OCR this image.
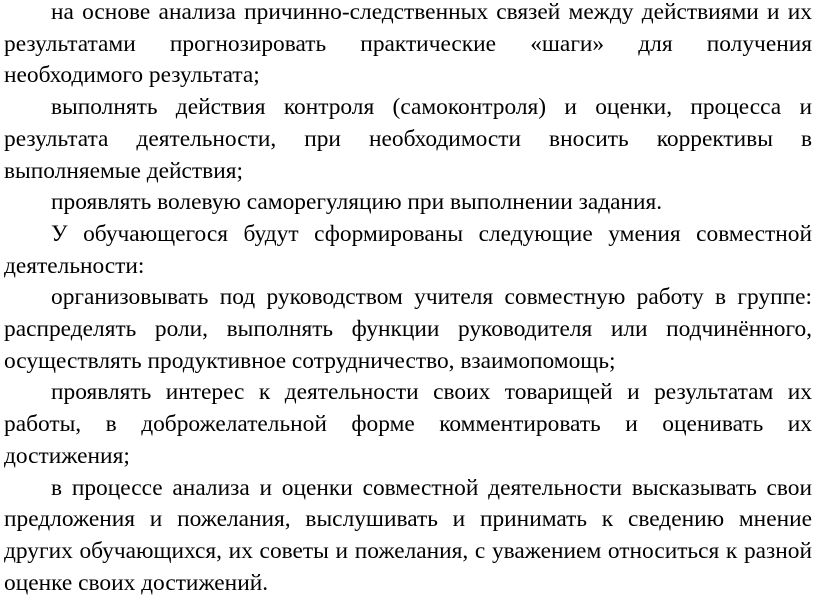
на основе анализа причинно-следственных связей между действиями и их результатами прогнозировать практические «шаги» для получения необходимого результата;

выполнять действия контроля (самоконтроля) и оценки, процесса и результата деятельности, при необходимости вносить коррективы в выполняемые действия;

проявлять волевую саморегуляцию при выполнении задания.

У обучающегося будут сформированы следующие умения совместной деятельности:

организовывать под руководством учителя совместную работу в группе: распределять роли, выполнять функции руководителя или подчинённого, осуществлять продуктивное сотрудничество, взаимопомощь;

проявлять интерес к деятельности своих товарищей и результатам их работы, в доброжелательной форме комментировать и оценивать их достижения;

в процессе анализа и оценки совместной деятельности высказывать свои предложения и пожелания, выслушивать и принимать к сведению мнение других обучающихся, их советы и пожелания, с уважением относиться к разной оценке своих достижений.
